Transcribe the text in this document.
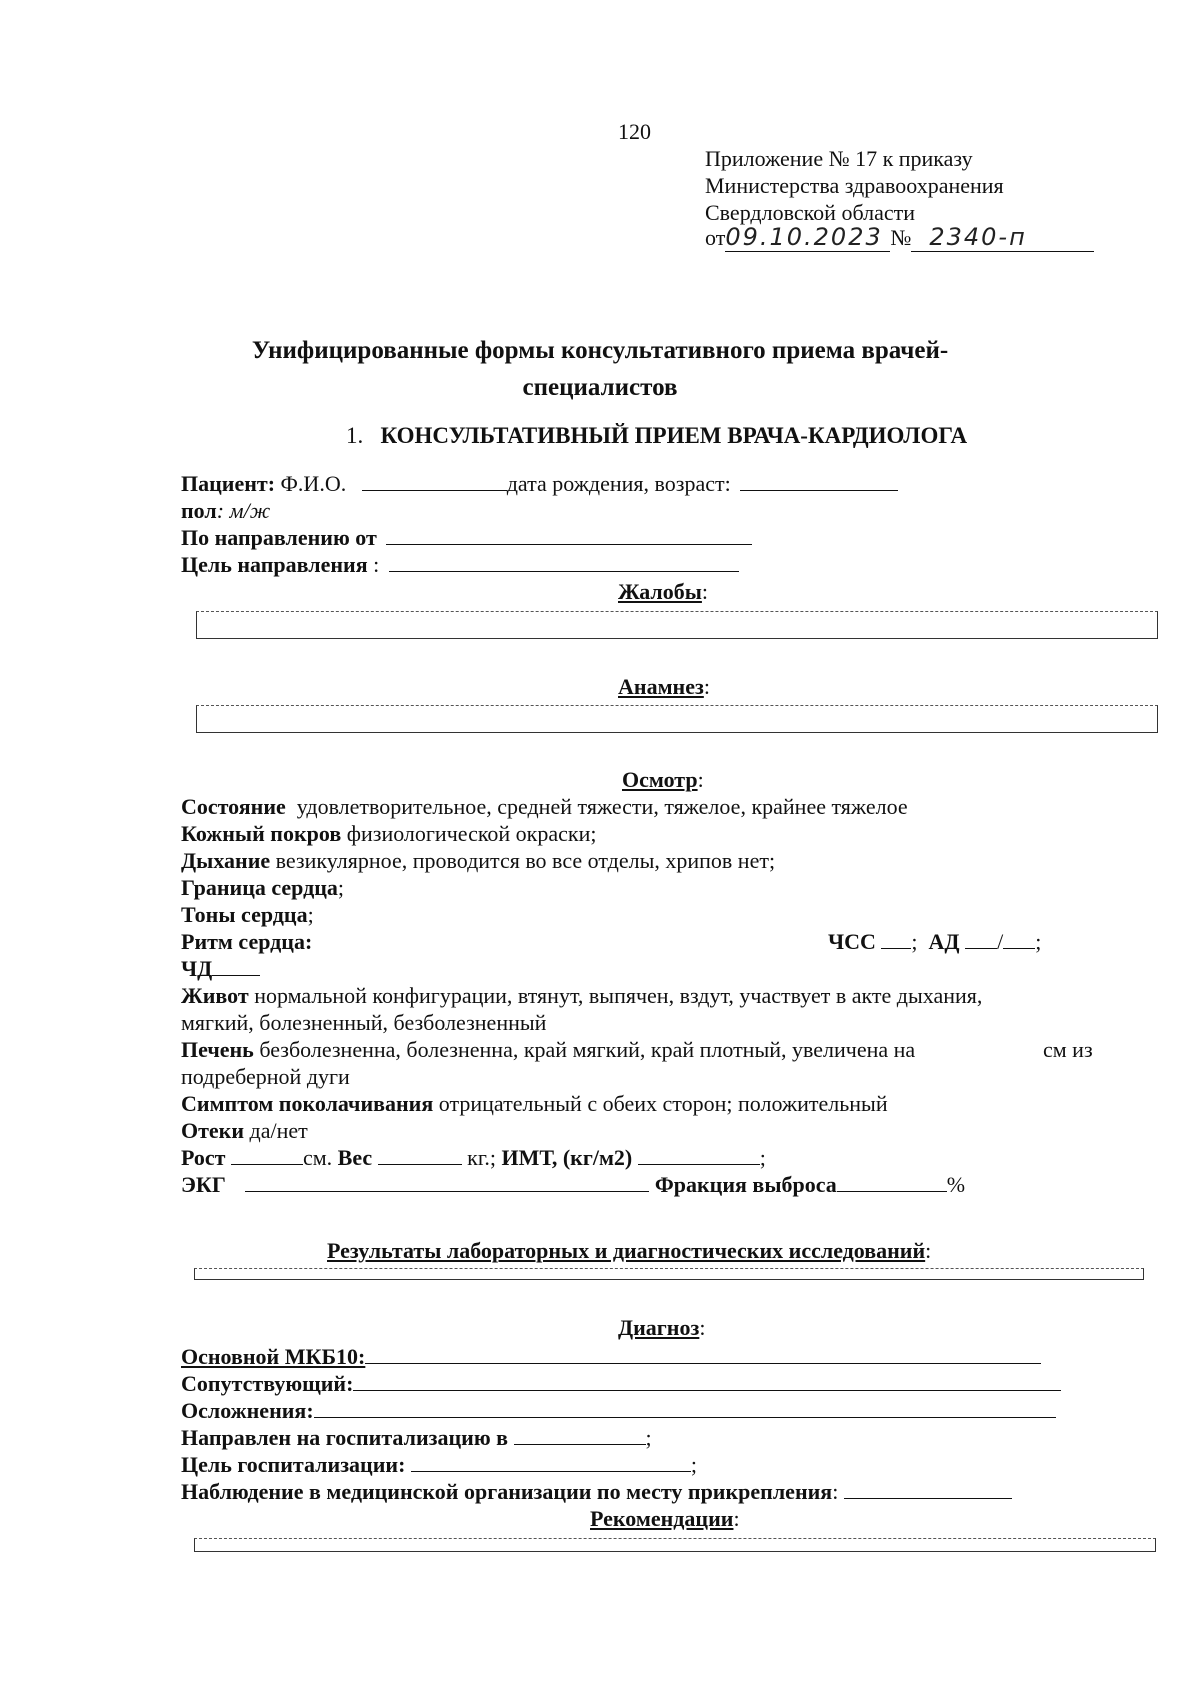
120
Приложение № 17 к приказу
Министерства здравоохранения
Свердловской области
от09.10.2023 № 2340-п
Унифицированные формы консультативного приема врачей-
специалистов
1. КОНСУЛЬТАТИВНЫЙ ПРИЕМ ВРАЧА-КАРДИОЛОГА
Пациент: Ф.И.О.	дата рождения, возраст:
пол: м/ж
По направлению от
Цель направления :
Жалобы:
Анамнез:
Осмотр:
Состояние удовлетворительное, средней тяжести, тяжелое, крайнее тяжелое
Кожный покров физиологической окраски;
Дыхание везикулярное, проводится во все отделы, хрипов нет;
Граница сердца;
Тоны сердца;
Ритм сердца:	ЧСС ;  АД / ;
ЧД
Живот нормальной конфигурации, втянут, выпячен, вздут, участвует в акте дыхания,
мягкий, болезненный, безболезненный
Печень безболезненна, болезненна, край мягкий, край плотный, увеличена на	см из
подреберной дуги
Симптом поколачивания отрицательный с обеих сторон; положительный
Отеки да/нет
Рост	см. Вес	кг.; ИМТ, (кг/м2)	;
ЭКГ	Фракция выброса	%
Результаты лабораторных и диагностических исследований:
Диагноз:
Основной МКБ10:
Сопутствующий:
Осложнения:
Направлен на госпитализацию в	;
Цель госпитализации:	;
Наблюдение в медицинской организации по месту прикрепления:
Рекомендации:
